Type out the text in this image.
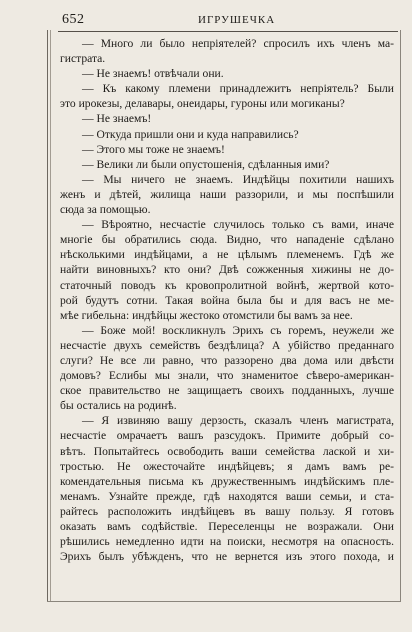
652	ИГРУШЕЧКА
— Много ли было непріятелей? спросилъ ихъ членъ ма-
гистрата.
— Не знаемъ! отвѣчали они.
— Къ какому племени принадлежитъ непріятель? Были
это ирокезы, делавары, онеидары, гуроны или могиканы?
— Не знаемъ!
— Откуда пришли они и куда направились?
— Этого мы тоже не знаемъ!
— Велики ли были опустошенія, сдѣланныя ими?
— Мы ничего не знаемъ. Индѣйцы похитили нашихъ
женъ и дѣтей, жилища наши раззорили, и мы поспѣшили
сюда за помощью.
— Вѣроятно, несчастіе случилось только съ вами, иначе
многіе бы обратились сюда. Видно, что нападеніе сдѣлано
нѣсколькими индѣйцами, а не цѣлымъ племенемъ. Гдѣ же
найти виновныхъ? кто они? Двѣ сожженныя хижины не до-
статочный поводъ къ кровопролитной войнѣ, жертвой кото-
рой будутъ сотни. Такая война была бы и для васъ не ме-
мѣе гибельна: индѣйцы жестоко отомстили бы вамъ за нее.
— Боже мой! воскликнулъ Эрихъ съ горемъ, неужели же
несчастіе двухъ семействъ бездѣлица? А убійство преданнаго
слуги? Не все ли равно, что раззорено два дома или двѣсти
домовъ? Еслибы мы знали, что знаменитое сѣверо-американ-
ское правительство не защищаетъ своихъ подданныхъ, лучше
бы остались на родинѣ.
— Я извиняю вашу дерзость, сказалъ членъ магистрата,
несчастіе омрачаетъ вашъ разсудокъ. Примите добрый со-
вѣтъ. Попытайтесь освободить ваши семейства лаской и хи-
тростью. Не ожесточайте индѣйцевъ; я дамъ вамъ ре-
комендательныя письма къ дружественнымъ индѣйскимъ пле-
менамъ. Узнайте прежде, гдѣ находятся ваши семьи, и ста-
райтесь расположить индѣйцевъ въ вашу пользу. Я готовъ
оказать вамъ содѣйствіе. Переселенцы не возражали. Они
рѣшились немедленно идти на поиски, несмотря на опасность.
Эрихъ былъ убѣжденъ, что не вернется изъ этого похода, и
